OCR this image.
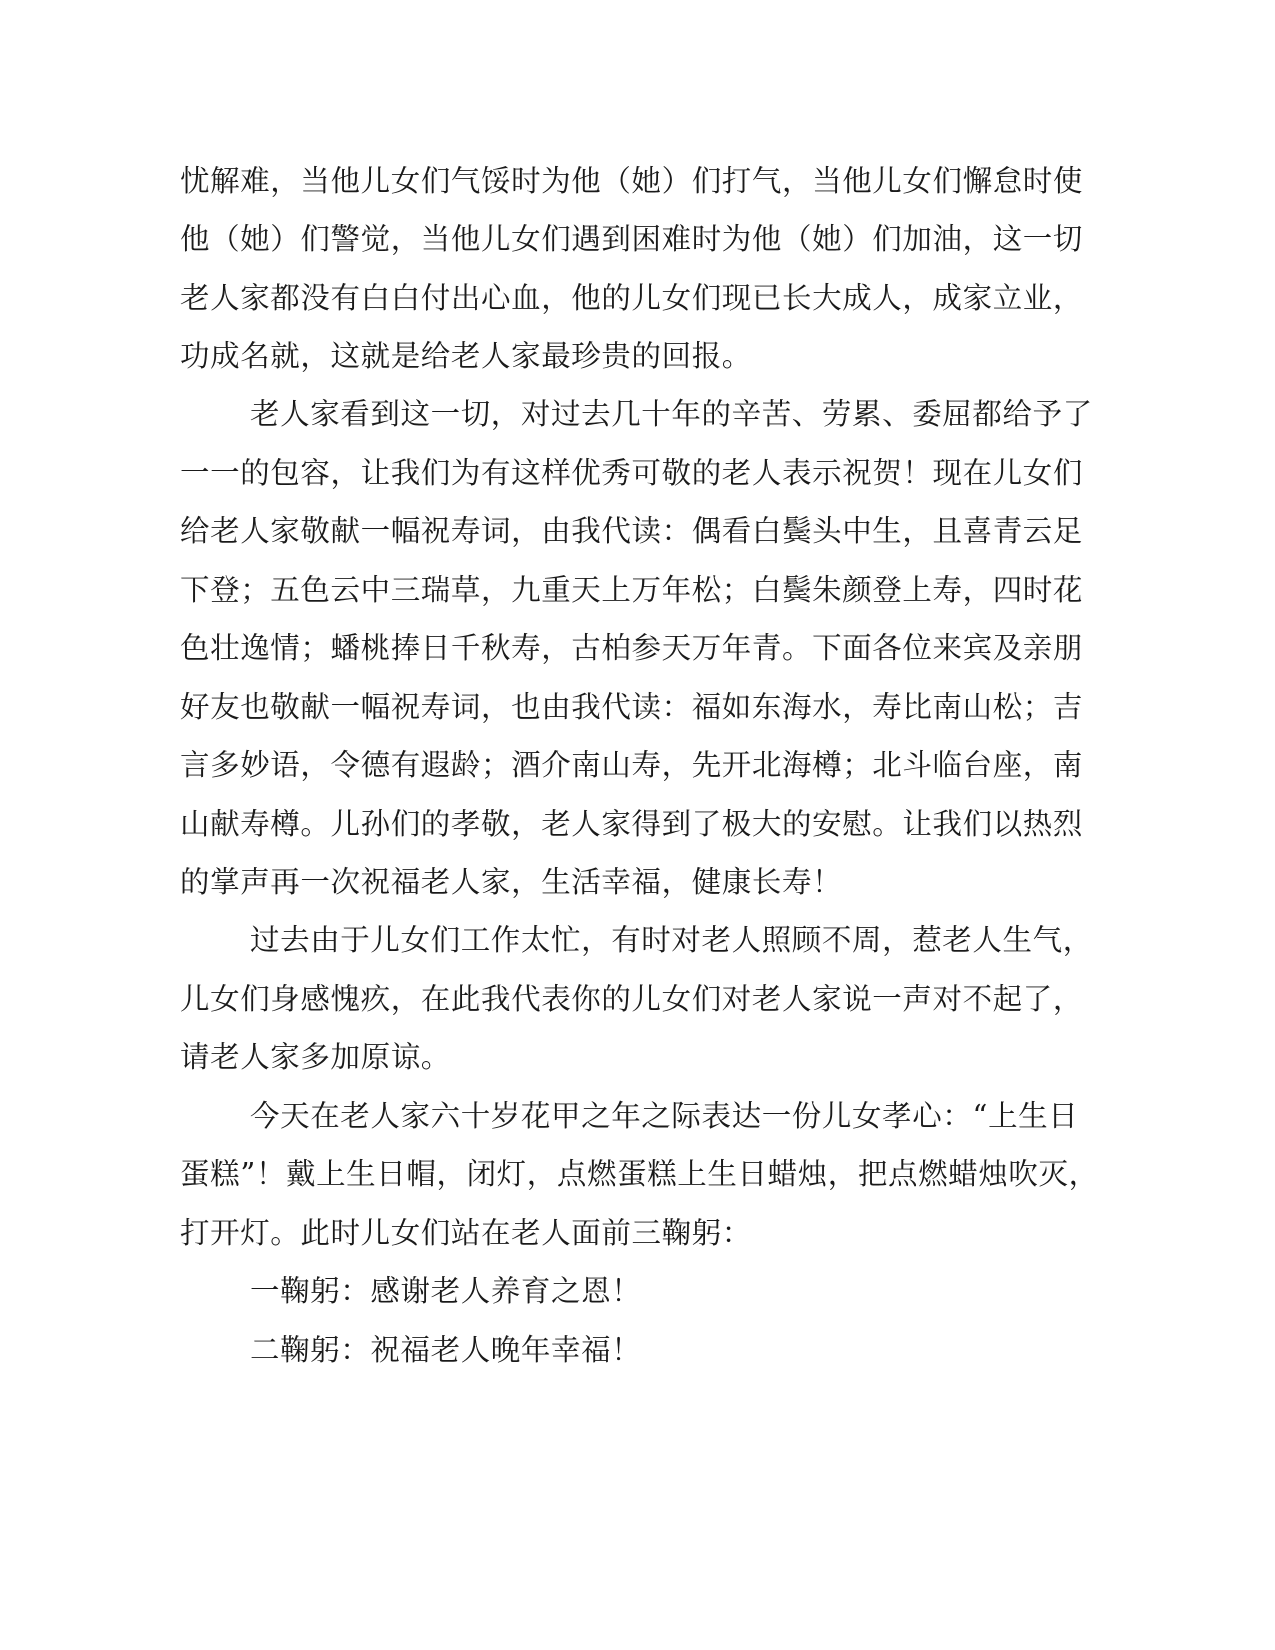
忧解难，当他儿女们气馁时为他（她）们打气，当他儿女们懈怠时使
他（她）们警觉，当他儿女们遇到困难时为他（她）们加油，这一切
老人家都没有白白付出心血，他的儿女们现已长大成人，成家立业，
功成名就，这就是给老人家最珍贵的回报。
老人家看到这一切，对过去几十年的辛苦、劳累、委屈都给予了
一一的包容，让我们为有这样优秀可敬的老人表示祝贺！现在儿女们
给老人家敬献一幅祝寿词，由我代读：偶看白鬓头中生，且喜青云足
下登；五色云中三瑞草，九重天上万年松；白鬓朱颜登上寿，四时花
色壮逸情；蟠桃捧日千秋寿，古柏参天万年青。下面各位来宾及亲朋
好友也敬献一幅祝寿词，也由我代读：福如东海水，寿比南山松；吉
言多妙语，令德有遐龄；酒介南山寿，先开北海樽；北斗临台座，南
山献寿樽。儿孙们的孝敬，老人家得到了极大的安慰。让我们以热烈
的掌声再一次祝福老人家，生活幸福，健康长寿！
过去由于儿女们工作太忙，有时对老人照顾不周，惹老人生气，
儿女们身感愧疚，在此我代表你的儿女们对老人家说一声对不起了，
请老人家多加原谅。
今天在老人家六十岁花甲之年之际表达一份儿女孝心：“上生日
蛋糕”！戴上生日帽，闭灯，点燃蛋糕上生日蜡烛，把点燃蜡烛吹灭，
打开灯。此时儿女们站在老人面前三鞠躬：
一鞠躬：感谢老人养育之恩！
二鞠躬：祝福老人晚年幸福！
